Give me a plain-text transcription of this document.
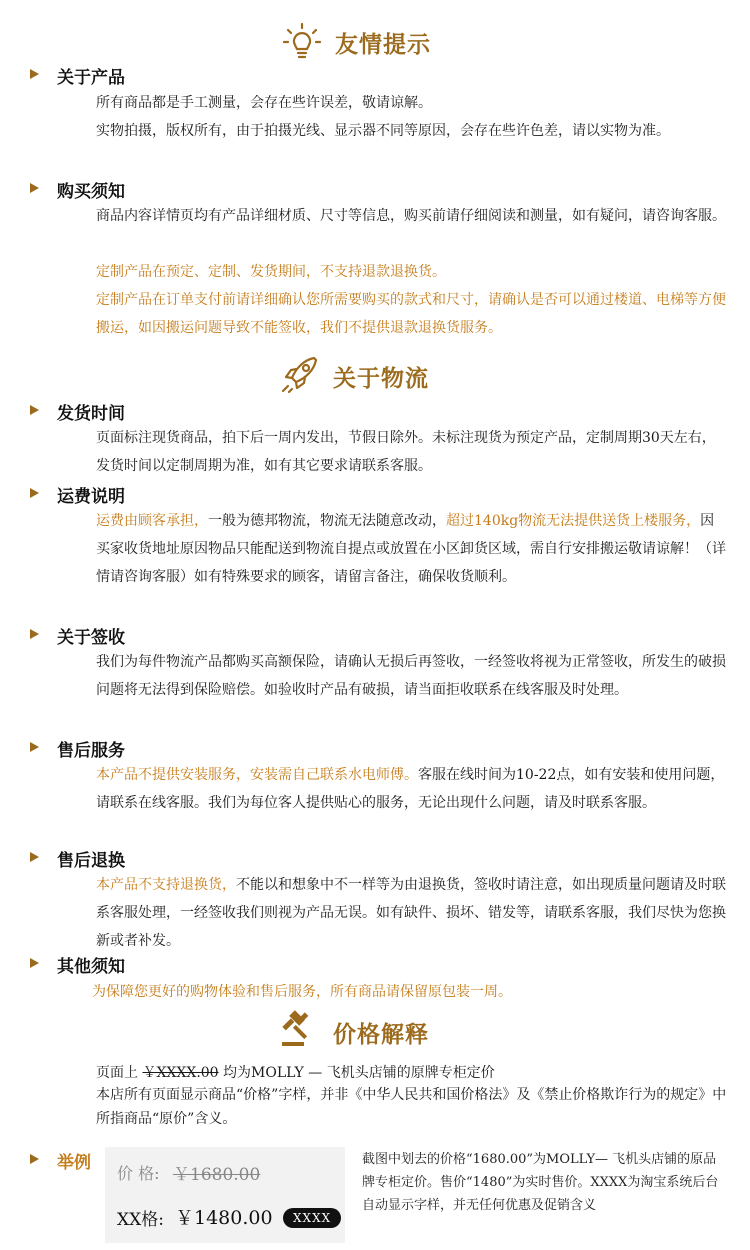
友情提示
关于产品
所有商品都是手工测量，会存在些许误差，敬请谅解。
实物拍摄，版权所有，由于拍摄光线、显示器不同等原因，会存在些许色差，请以实物为准。
购买须知
商品内容详情页均有产品详细材质、尺寸等信息，购买前请仔细阅读和测量，如有疑问，请咨询客服。
定制产品在预定、定制、发货期间，不支持退款退换货。
定制产品在订单支付前请详细确认您所需要购买的款式和尺寸，请确认是否可以通过楼道、电梯等方便搬运，如因搬运问题导致不能签收，我们不提供退款退换货服务。
关于物流
发货时间
页面标注现货商品，拍下后一周内发出，节假日除外。未标注现货为预定产品，定制周期30天左右，发货时间以定制周期为准，如有其它要求请联系客服。
运费说明
运费由顾客承担，一般为德邦物流，物流无法随意改动，超过140kg物流无法提供送货上楼服务，因买家收货地址原因物品只能配送到物流自提点或放置在小区卸货区域，需自行安排搬运敬请谅解！（详情请咨询客服）如有特殊要求的顾客，请留言备注，确保收货顺利。
关于签收
我们为每件物流产品都购买高额保险，请确认无损后再签收，一经签收将视为正常签收，所发生的破损问题将无法得到保险赔偿。如验收时产品有破损，请当面拒收联系在线客服及时处理。
售后服务
本产品不提供安装服务，安装需自己联系水电师傅。客服在线时间为10-22点，如有安装和使用问题，请联系在线客服。我们为每位客人提供贴心的服务，无论出现什么问题，请及时联系客服。
售后退换
本产品不支持退换货，不能以和想象中不一样等为由退换货，签收时请注意，如出现质量问题请及时联系客服处理，一经签收我们则视为产品无误。如有缺件、损坏、错发等，请联系客服，我们尽快为您换新或者补发。
其他须知
为保障您更好的购物体验和售后服务，所有商品请保留原包装一周。
价格解释
页面上 ￥XXXX.00 均为MOLLY — 飞机头店铺的原牌专柜定价
本店所有页面显示商品“价格”字样，并非《中华人民共和国价格法》及《禁止价格欺诈行为的规定》中所指商品“原价”含义。
举例
价 格: ￥1680.00
XX格: ￥1480.00	XXXX
截图中划去的价格“1680.00”为MOLLY— 飞机头店铺的原品牌专柜定价。售价“1480”为实时售价。XXXX为淘宝系统后台自动显示字样，并无任何优惠及促销含义
